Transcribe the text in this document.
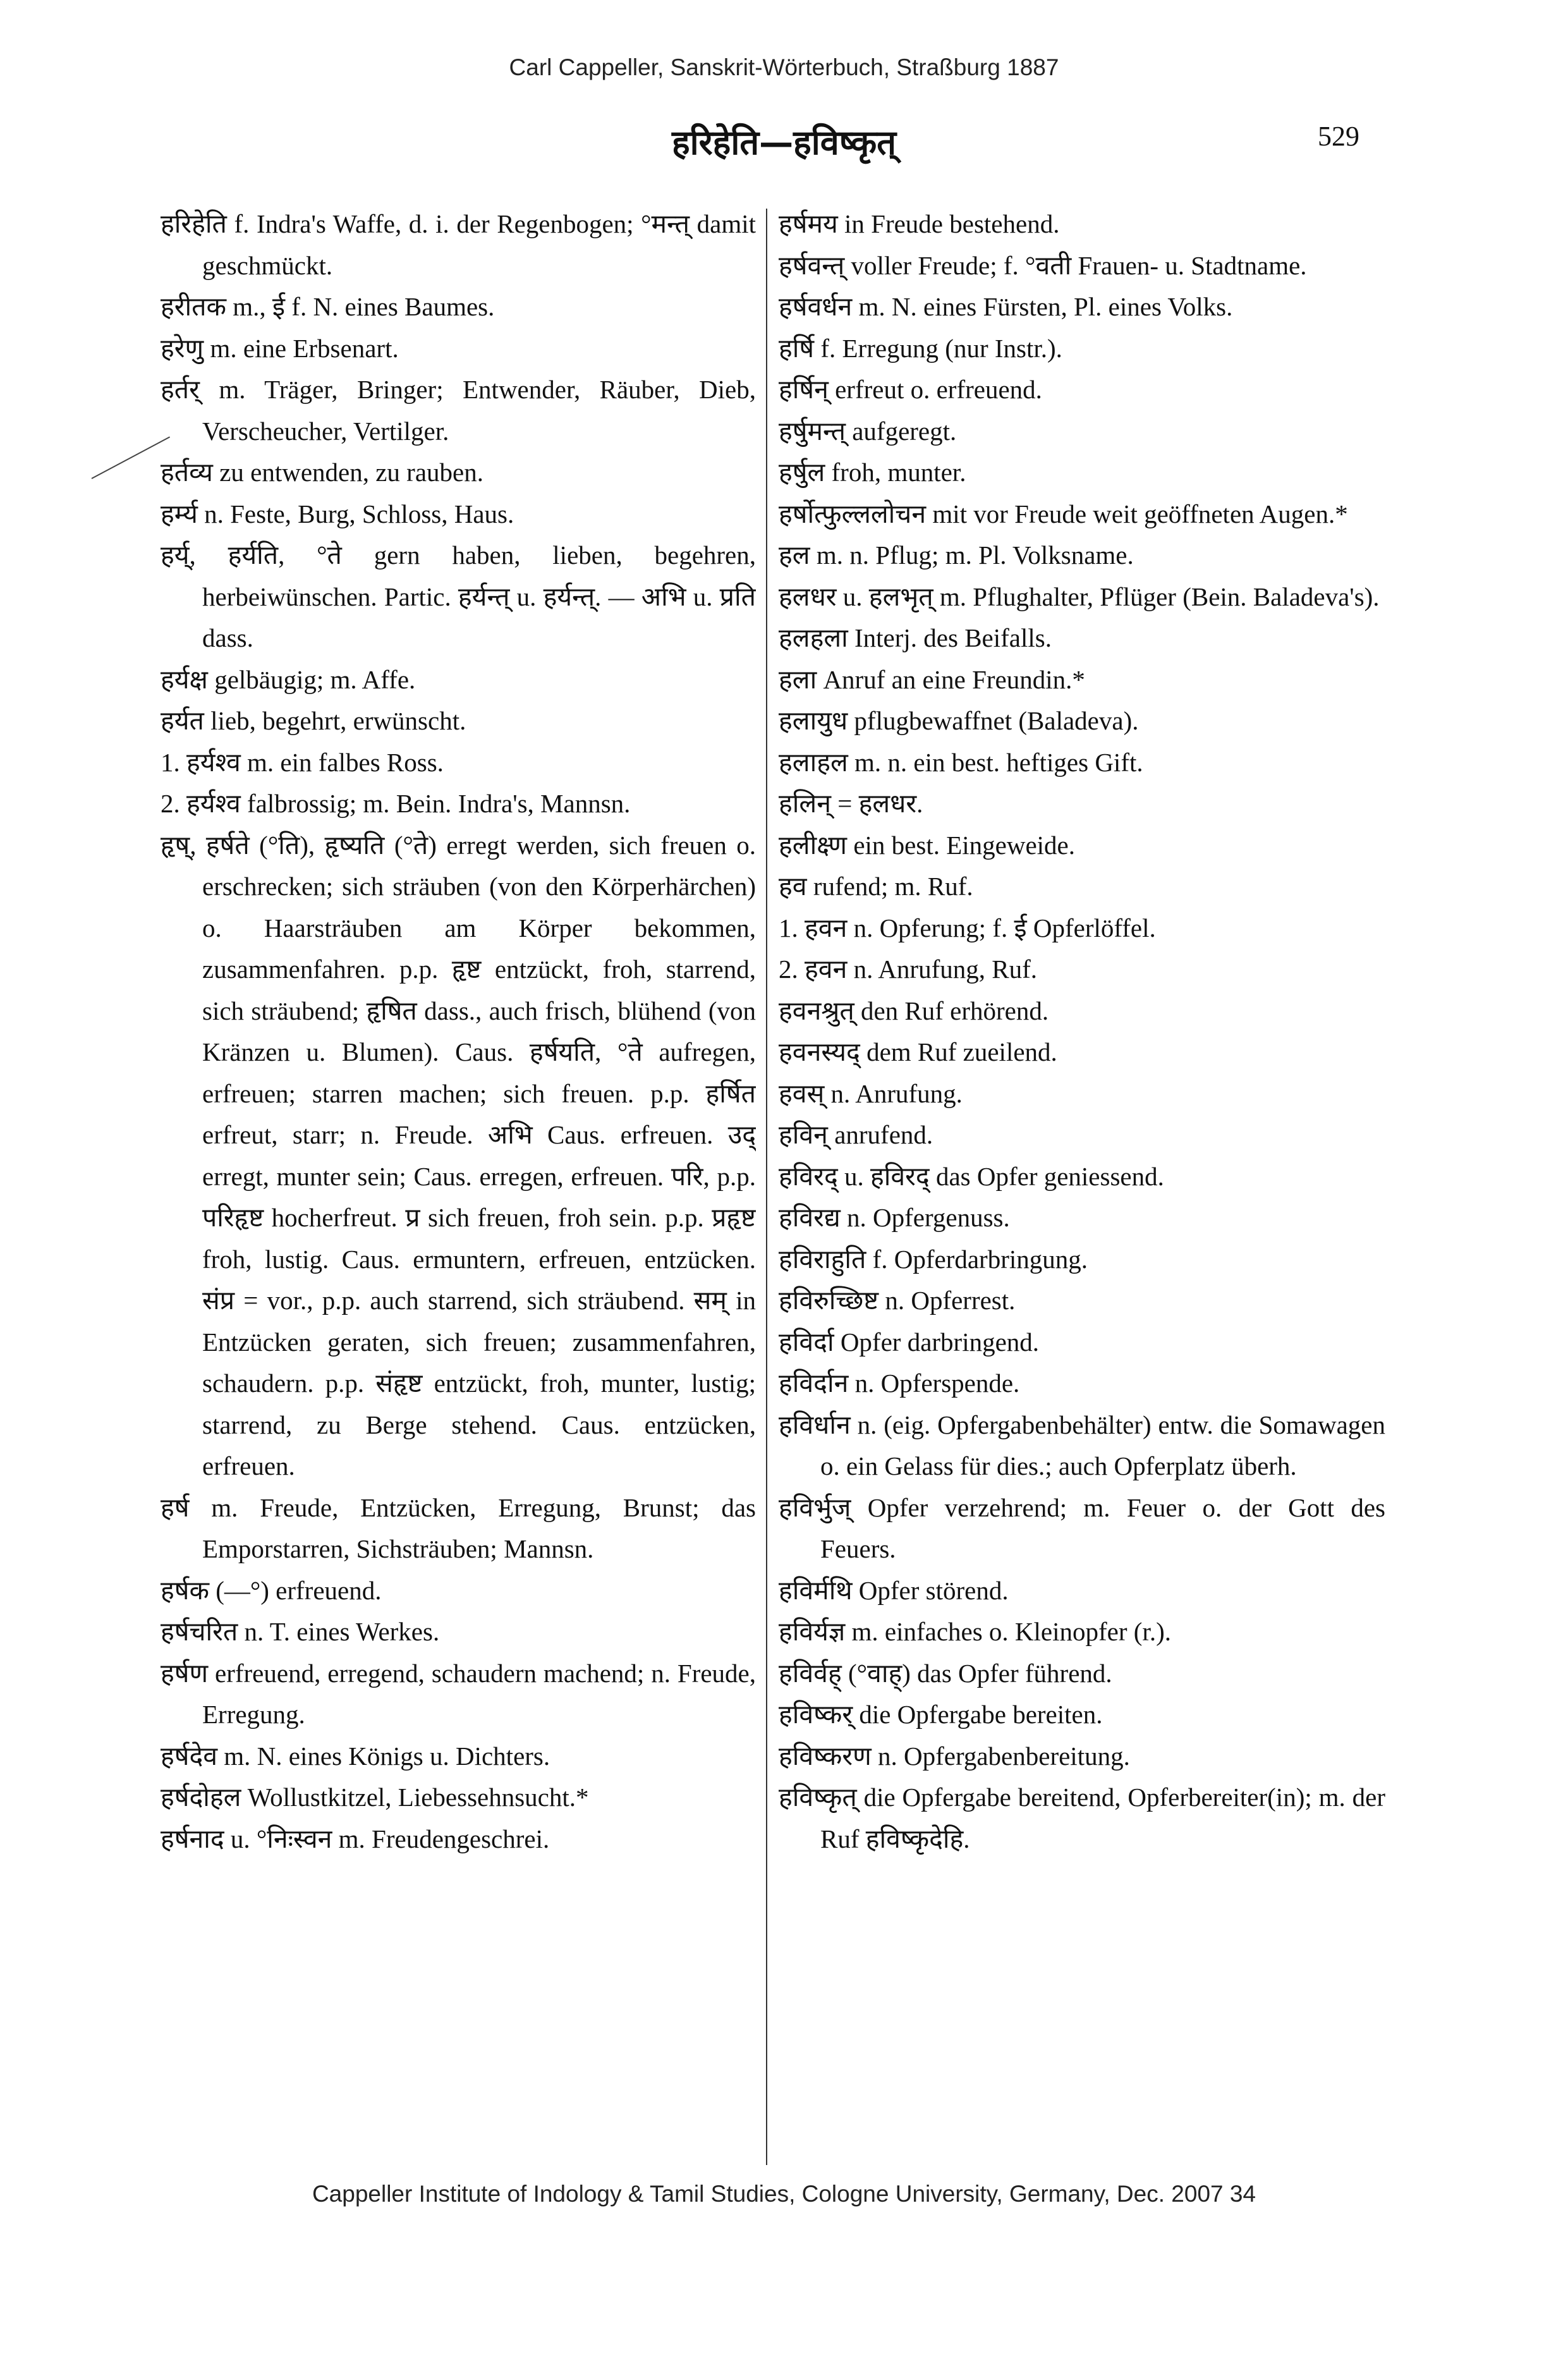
Carl Cappeller, Sanskrit-Wörterbuch, Straßburg 1887
हरिहेति—हविष्कृत्	529

हरिहेति f. Indra's Waffe, d. i. der Regenbogen; °मन्त् damit geschmückt.

हरीतक m., ई f. N. eines Baumes.

हरेणु m. eine Erbsenart.

हर्तर् m. Träger, Bringer; Entwender, Räuber, Dieb, Verscheucher, Vertilger.

हर्तव्य zu entwenden, zu rauben.

हर्म्य n. Feste, Burg, Schloss, Haus.

हर्य्, हर्यति, °ते gern haben, lieben, begehren, herbeiwünschen. Partic. हर्यन्त् u. हर्यन्त्. — अभि u. प्रति dass.

हर्यक्ष gelbäugig; m. Affe.

हर्यत lieb, begehrt, erwünscht.

1. हर्यश्व m. ein falbes Ross.

2. हर्यश्व falbrossig; m. Bein. Indra's, Mannsn.

हृष्, हर्षते (°ति), हृष्यति (°ते) erregt werden, sich freuen o. erschrecken; sich sträuben (von den Körperhärchen) o. Haarsträuben am Körper bekommen, zusammenfahren. p.p. हृष्ट entzückt, froh, starrend, sich sträubend; हृषित dass., auch frisch, blühend (von Kränzen u. Blumen). Caus. हर्षयति, °ते aufregen, erfreuen; starren machen; sich freuen. p.p. हर्षित erfreut, starr; n. Freude. अभि Caus. erfreuen. उद् erregt, munter sein; Caus. erregen, erfreuen. परि, p.p. परिहृष्ट hocherfreut. प्र sich freuen, froh sein. p.p. प्रहृष्ट froh, lustig. Caus. ermuntern, erfreuen, entzücken. संप्र = vor., p.p. auch starrend, sich sträubend. सम् in Entzücken geraten, sich freuen; zusammenfahren, schaudern. p.p. संहृष्ट entzückt, froh, munter, lustig; starrend, zu Berge stehend. Caus. entzücken, erfreuen.

हर्ष m. Freude, Entzücken, Erregung, Brunst; das Emporstarren, Sichsträuben; Mannsn.

हर्षक (—°) erfreuend.

हर्षचरित n. T. eines Werkes.

हर्षण erfreuend, erregend, schaudern machend; n. Freude, Erregung.

हर्षदेव m. N. eines Königs u. Dichters.

हर्षदोहल Wollustkitzel, Liebessehnsucht.*

हर्षनाद u. °निःस्वन m. Freudengeschrei.

हर्षमय in Freude bestehend.

हर्षवन्त् voller Freude; f. °वती Frauen- u. Stadtname.

हर्षवर्धन m. N. eines Fürsten, Pl. eines Volks.

हर्षि f. Erregung (nur Instr.).

हर्षिन् erfreut o. erfreuend.

हर्षुमन्त् aufgeregt.

हर्षुल froh, munter.

हर्षोत्फुल्ललोचन mit vor Freude weit geöffneten Augen.*

हल m. n. Pflug; m. Pl. Volksname.

हलधर u. हलभृत् m. Pflughalter, Pflüger (Bein. Baladeva's).

हलहला Interj. des Beifalls.

हला Anruf an eine Freundin.*

हलायुध pflugbewaffnet (Baladeva).

हलाहल m. n. ein best. heftiges Gift.

हलिन् = हलधर.

हलीक्ष्ण ein best. Eingeweide.

हव rufend; m. Ruf.

1. हवन n. Opferung; f. ई Opferlöffel.

2. हवन n. Anrufung, Ruf.

हवनश्रुत् den Ruf erhörend.

हवनस्यद् dem Ruf zueilend.

हवस् n. Anrufung.

हविन् anrufend.

हविरद् u. हविरद् das Opfer geniessend.

हविरद्य n. Opfergenuss.

हविराहुति f. Opferdarbringung.

हविरुच्छिष्ट n. Opferrest.

हविर्दा Opfer darbringend.

हविर्दान n. Opferspende.

हविर्धान n. (eig. Opfergabenbehälter) entw. die Somawagen o. ein Gelass für dies.; auch Opferplatz überh.

हविर्भुज् Opfer verzehrend; m. Feuer o. der Gott des Feuers.

हविर्मथि Opfer störend.

हविर्यज्ञ m. einfaches o. Kleinopfer (r.).

हविर्वह् (°वाह्) das Opfer führend.

हविष्कर् die Opfergabe bereiten.

हविष्करण n. Opfergabenbereitung.

हविष्कृत् die Opfergabe bereitend, Opferbereiter(in); m. der Ruf हविष्कृदेहि.

Cappeller Institute of Indology & Tamil Studies, Cologne University, Germany, Dec. 2007 34
